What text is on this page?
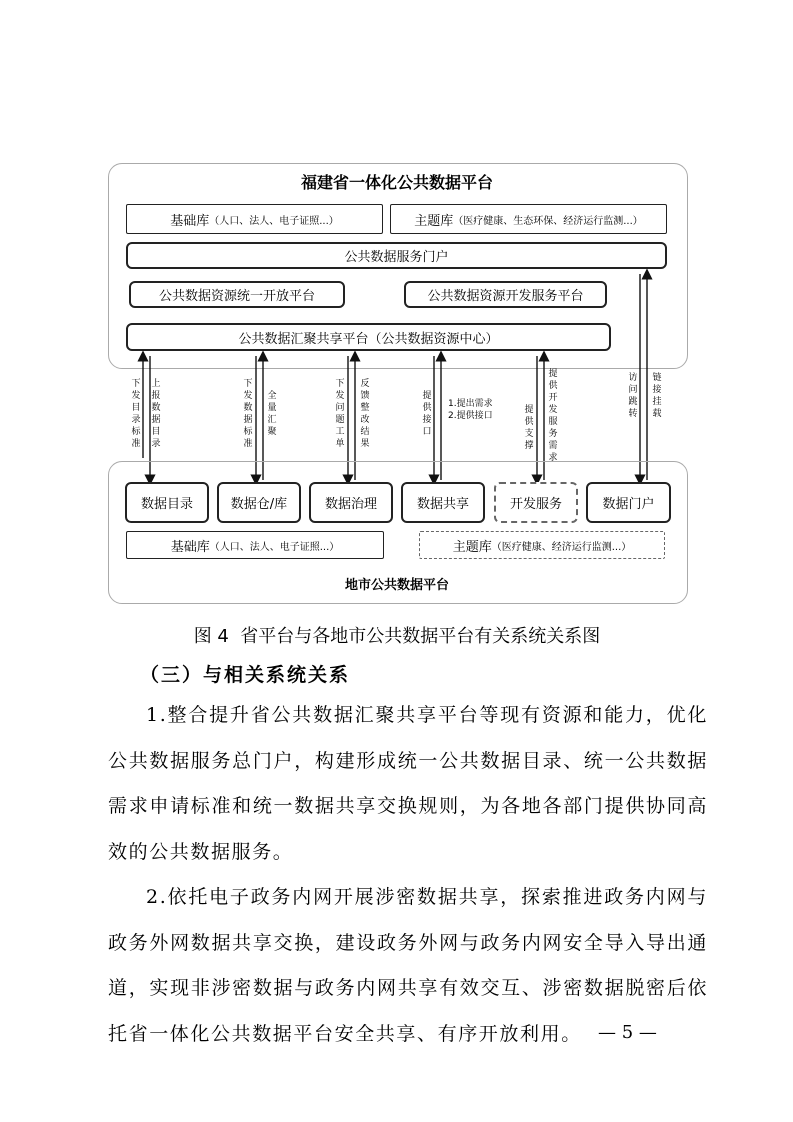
福建省一体化公共数据平台
基础库 （人口、法人、电子证照...）	主题库 （医疗健康、生态环保、经济运行监测...）
公共数据服务门户
公共数据资源统一开放平台	公共数据资源开发服务平台
公共数据汇聚共享平台（公共数据资源中心）
下发目录标准
上报数据目录
下发数据标准
全量汇聚
下发问题工单
反馈整改结果
提供接口
1.提出需求
2.提供接口
提供支撑
提供开发服务需求
访问跳转
链接挂载
数据目录	数据仓/库	数据治理	数据共享	开发服务	数据门户
基础库 （人口、法人、电子证照...）	主题库 （医疗健康、经济运行监测...）
地市公共数据平台
图 4  省平台与各地市公共数据平台有关系统关系图
（三）与相关系统关系

1.整合提升省公共数据汇聚共享平台等现有资源和能力，优化公共数据服务总门户，构建形成统一公共数据目录、统一公共数据需求申请标准和统一数据共享交换规则，为各地各部门提供协同高效的公共数据服务。

2.依托电子政务内网开展涉密数据共享，探索推进政务内网与政务外网数据共享交换，建设政务外网与政务内网安全导入导出通道，实现非涉密数据与政务内网共享有效交互、涉密数据脱密后依托省一体化公共数据平台安全共享、有序开放利用。 — 5 —
